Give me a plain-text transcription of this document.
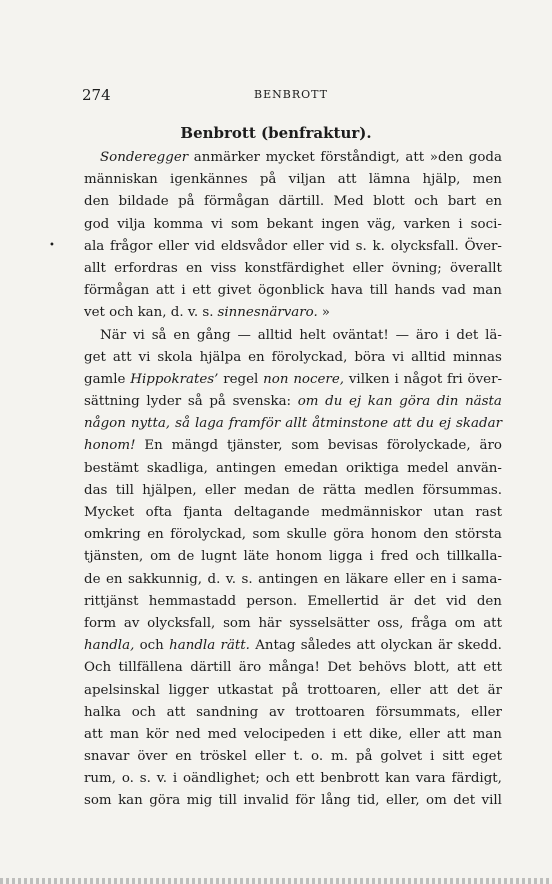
274	BENBROTT
Benbrott (benfraktur).
•
Sonderegger anmärker mycket förståndigt, att »den goda
människan igenkännes på viljan att lämna hjälp, men
den bildade på förmågan därtill. Med blott och bart en
god vilja komma vi som bekant ingen väg, varken i soci-
ala frågor eller vid eldsvådor eller vid s. k. olycksfall. Över-
allt erfordras en viss konstfärdighet eller övning; överallt
förmågan att i ett givet ögonblick hava till hands vad man
vet och kan, d. v. s. sinnesnärvaro. »
När vi så en gång — alltid helt oväntat! — äro i det lä-
get att vi skola hjälpa en förolyckad, böra vi alltid minnas
gamle Hippokrates’ regel non nocere, vilken i något fri över-
sättning lyder så på svenska: om du ej kan göra din nästa
någon nytta, så laga framför allt åtminstone att du ej skadar
honom! En mängd tjänster, som bevisas förolyckade, äro
bestämt skadliga, antingen emedan oriktiga medel använ-
das till hjälpen, eller medan de rätta medlen försummas.
Mycket ofta fjanta deltagande medmänniskor utan rast
omkring en förolyckad, som skulle göra honom den största
tjänsten, om de lugnt läte honom ligga i fred och tillkalla-
de en sakkunnig, d. v. s. antingen en läkare eller en i sama-
rittjänst hemmastadd person. Emellertid är det vid den
form av olycksfall, som här sysselsätter oss, fråga om att
handla, och handla rätt. Antag således att olyckan är skedd.
Och tillfällena därtill äro många! Det behövs blott, att ett
apelsinskal ligger utkastat på trottoaren, eller att det är
halka och att sandning av trottoaren försummats, eller
att man kör ned med velocipeden i ett dike, eller att man
snavar över en tröskel eller t. o. m. på golvet i sitt eget
rum, o. s. v. i oändlighet; och ett benbrott kan vara färdigt,
som kan göra mig till invalid för lång tid, eller, om det vill
